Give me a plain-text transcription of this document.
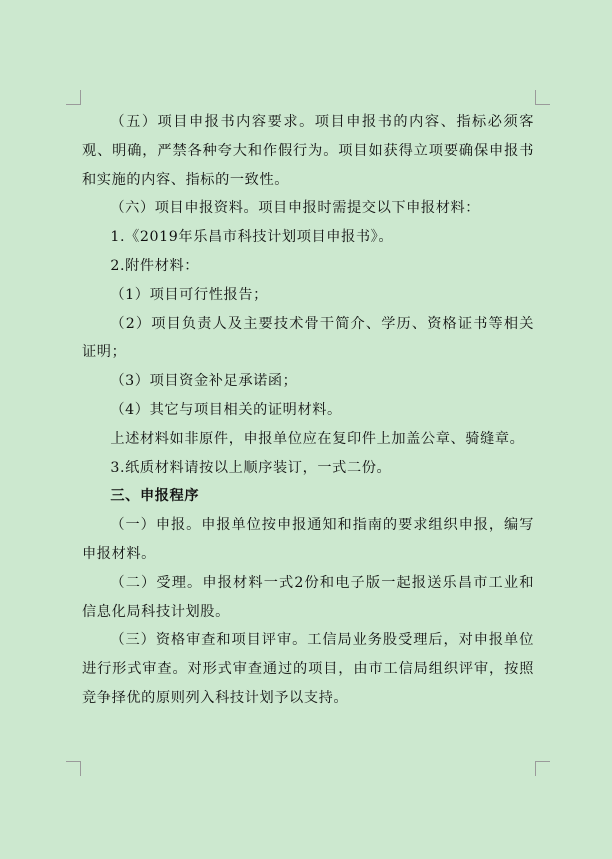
（五）项目申报书内容要求。项目申报书的内容、指标必须客观、明确，严禁各种夸大和作假行为。项目如获得立项要确保申报书和实施的内容、指标的一致性。

（六）项目申报资料。项目申报时需提交以下申报材料：

1.《2019年乐昌市科技计划项目申报书》。

2.附件材料：

（1）项目可行性报告；

（2）项目负责人及主要技术骨干简介、学历、资格证书等相关证明；

（3）项目资金补足承诺函；

（4）其它与项目相关的证明材料。

上述材料如非原件，申报单位应在复印件上加盖公章、骑缝章。

3.纸质材料请按以上顺序装订，一式二份。

三、申报程序

（一）申报。申报单位按申报通知和指南的要求组织申报，编写申报材料。

（二）受理。申报材料一式2份和电子版一起报送乐昌市工业和信息化局科技计划股。

（三）资格审查和项目评审。工信局业务股受理后，对申报单位进行形式审查。对形式审查通过的项目，由市工信局组织评审，按照竞争择优的原则列入科技计划予以支持。
